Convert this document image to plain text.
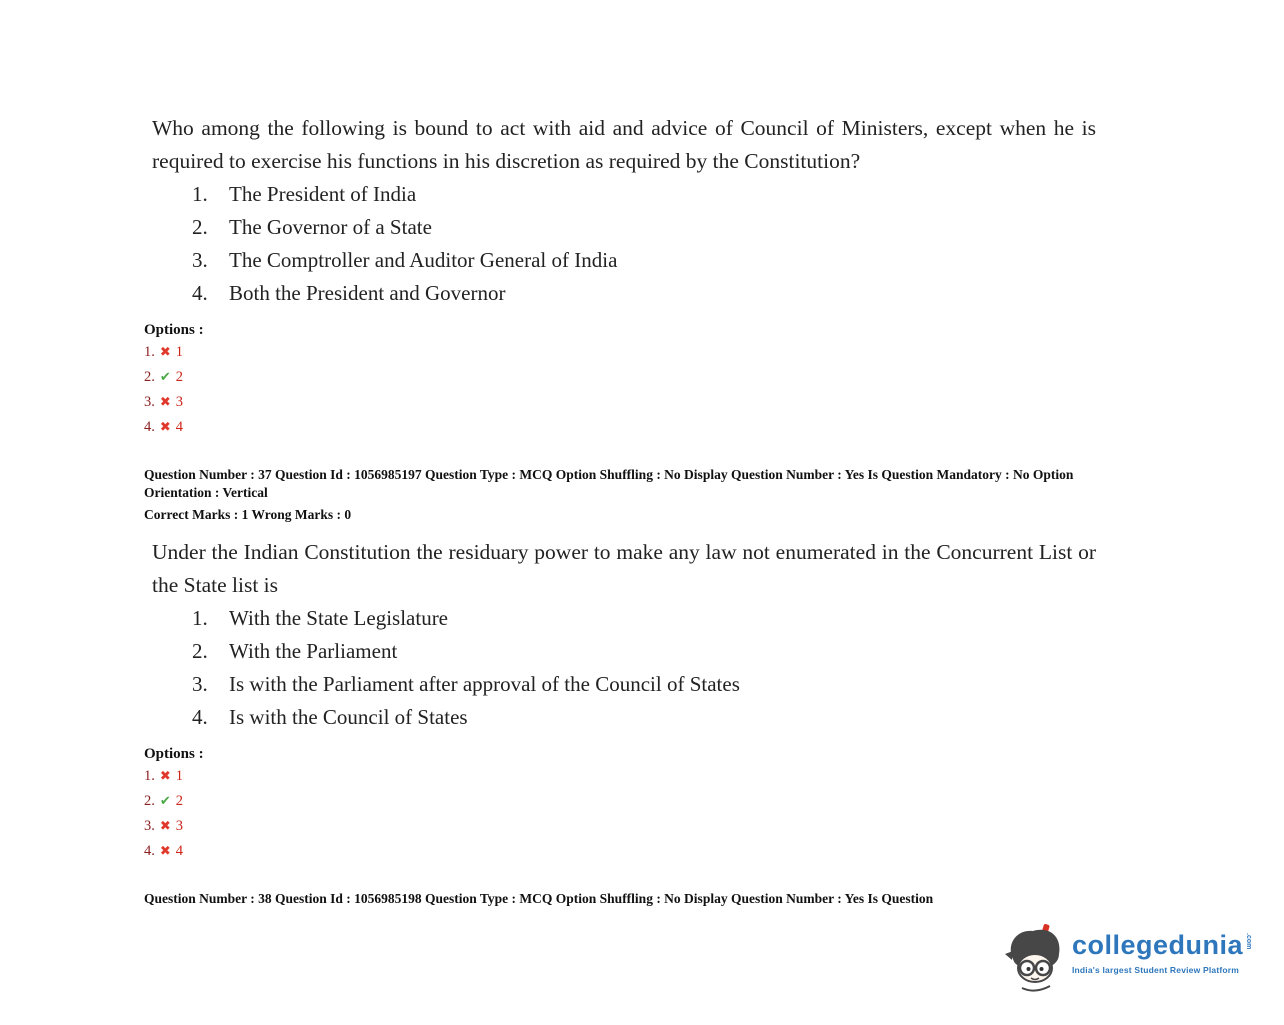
Who among the following is bound to act with aid and advice of Council of Ministers, except when he is required to exercise his functions in his discretion as required by the Constitution?
1.	The President of India
2.	The Governor of a State
3.	The Comptroller and Auditor General of India
4.	Both the President and Governor
Options :
1. ✖ 1
2. ✔ 2
3. ✖ 3
4. ✖ 4
Question Number : 37 Question Id : 1056985197 Question Type : MCQ Option Shuffling : No Display Question Number : Yes Is Question Mandatory : No Option Orientation : Vertical
Correct Marks : 1 Wrong Marks : 0
Under the Indian Constitution the residuary power to make any law not enumerated in the Concurrent List or the State list is
1.	With the State Legislature
2.	With the Parliament
3.	Is with the Parliament after approval of the Council of States
4.	Is with the Council of States
Options :
1. ✖ 1
2. ✔ 2
3. ✖ 3
4. ✖ 4
Question Number : 38 Question Id : 1056985198 Question Type : MCQ Option Shuffling : No Display Question Number : Yes Is Question
collegedunia .com
India's largest Student Review Platform
